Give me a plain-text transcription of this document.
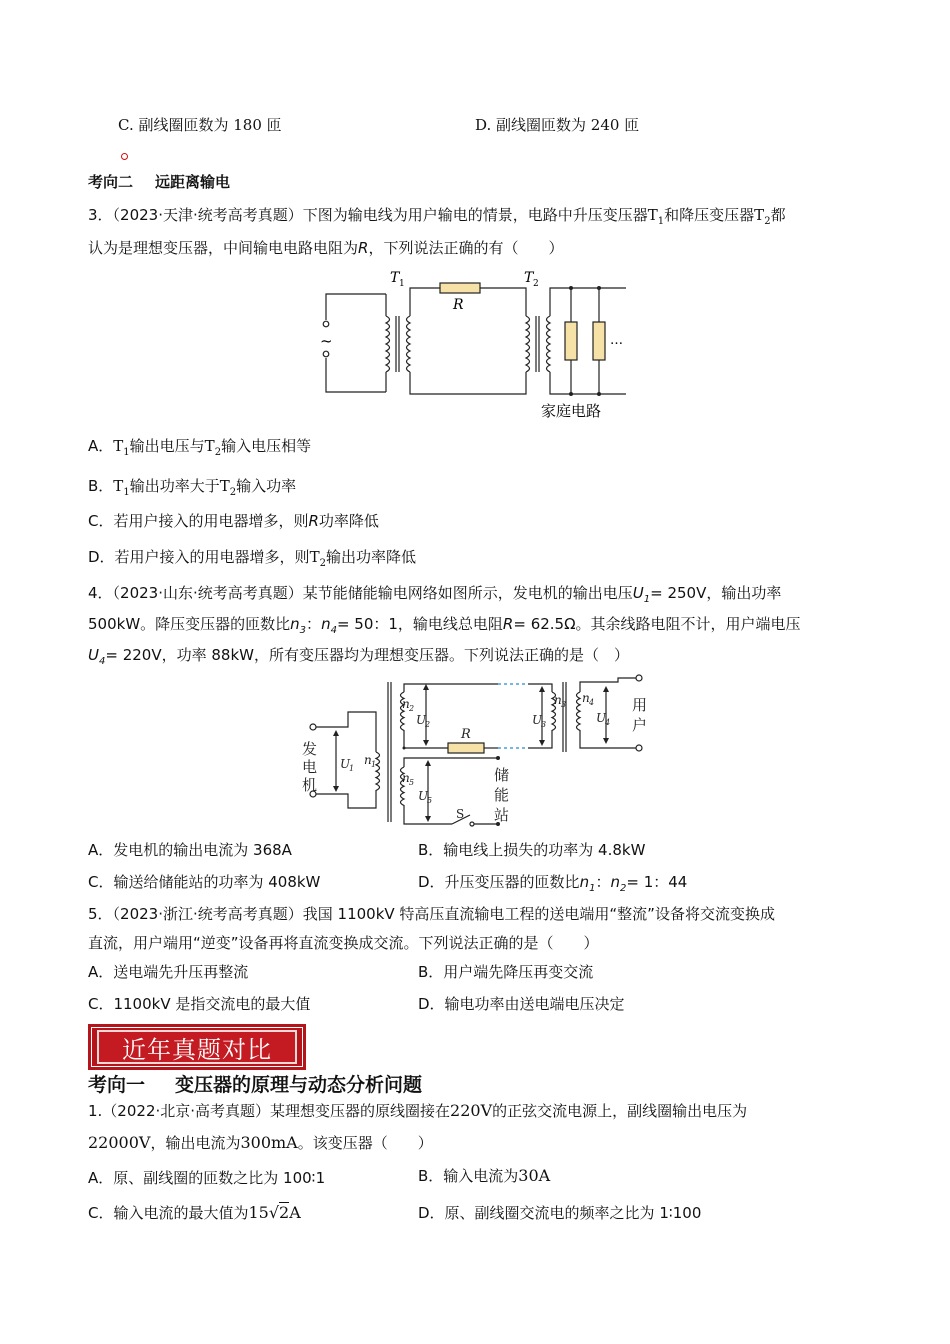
C. 副线圈匝数为 180 匝	D. 副线圈匝数为 240 匝
考向二 远距离输电
3．（2023·天津·统考高考真题）下图为输电线为用户输电的情景，电路中升压变压器$T_1$和降压变压器$T_2$都
认为是理想变压器，中间输电电路电阻为R，下列说法正确的有（　　）
~
T 1
R
T 2
…
家庭电路
A．$T_1$输出电压与$T_2$输入电压相等
B．$T_1$输出功率大于$T_2$输入功率
C．若用户接入的用电器增多，则R功率降低
D．若用户接入的用电器增多，则$T_2$输出功率降低
4．（2023·山东·统考高考真题）某节能储能输电网络如图所示，发电机的输出电压$U_1= 250V$，输出功率
500kW。降压变压器的匝数比$n_3$：$n_4= 50$：1，输电线总电阻R= 62.5Ω。其余线路电阻不计，用户端电压
$U_4= 220V$，功率 88kW，所有变压器均为理想变压器。下列说法正确的是（　）
发
电
机
用
户
储
能
站
U
1
n 1
n 2
U
2
R
n 3
U
3
n 4
U
4
n 5
U
5
S
A．发电机的输出电流为 368A	B．输电线上损失的功率为 4.8kW
C．输送给储能站的功率为 408kW	D．升压变压器的匝数比$n_1$：$n_2= 1$：44
5．（2023·浙江·统考高考真题）我国 1100kV 特高压直流输电工程的送电端用“整流”设备将交流变换成
直流，用户端用“逆变”设备再将直流变换成交流。下列说法正确的是（　　）
A．送电端先升压再整流	B．用户端先降压再变交流
C．1100kV 是指交流电的最大值	D．输电功率由送电端电压决定
近年真题对比
考向一 变压器的原理与动态分析问题
1.（2022·北京·高考真题）某理想变压器的原线圈接在220V的正弦交流电源上，副线圈输出电压为
22000V，输出电流为300mA。该变压器（　　）
A．原、副线圈的匝数之比为 100∶1	B．输入电流为30A
C．输入电流的最大值为15√2A	D．原、副线圈交流电的频率之比为 1∶100
